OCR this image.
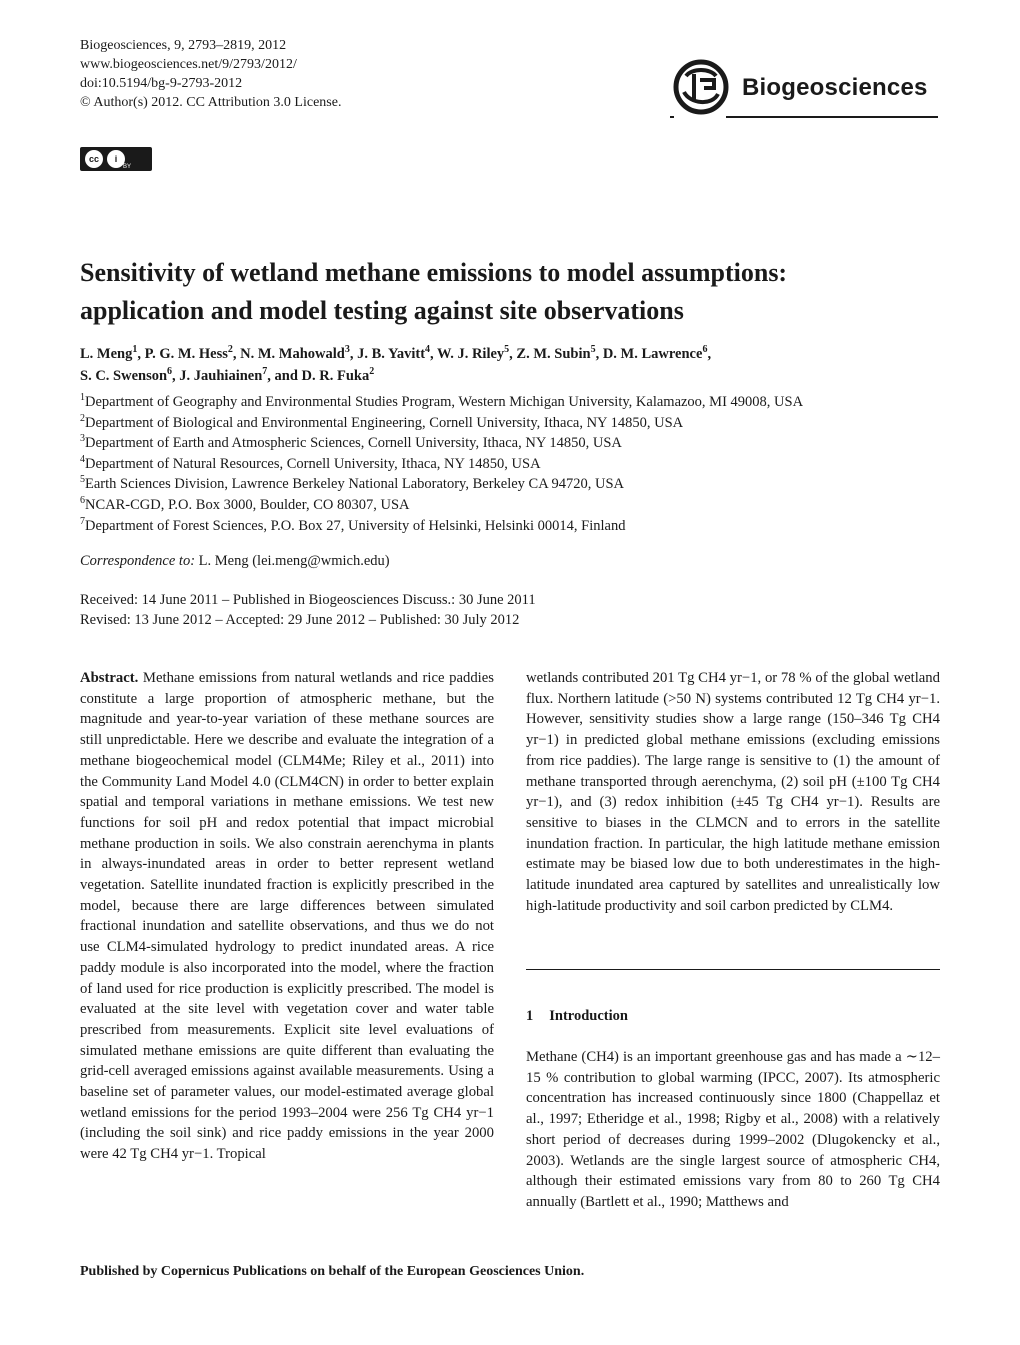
Biogeosciences, 9, 2793–2819, 2012
www.biogeosciences.net/9/2793/2012/
doi:10.5194/bg-9-2793-2012
© Author(s) 2012. CC Attribution 3.0 License.
cc	i
BY
Biogeosciences
Sensitivity of wetland methane emissions to model assumptions:
application and model testing against site observations
L. Meng$^1$, P. G. M. Hess$^2$, N. M. Mahowald$^3$, J. B. Yavitt$^4$, W. J. Riley$^5$, Z. M. Subin$^5$, D. M. Lawrence$^6$,
S. C. Swenson$^6$, J. Jauhiainen$^7$, and D. R. Fuka$^2$
$^1$Department of Geography and Environmental Studies Program, Western Michigan University, Kalamazoo, MI 49008, USA
$^2$Department of Biological and Environmental Engineering, Cornell University, Ithaca, NY 14850, USA
$^3$Department of Earth and Atmospheric Sciences, Cornell University, Ithaca, NY 14850, USA
$^4$Department of Natural Resources, Cornell University, Ithaca, NY 14850, USA
$^5$Earth Sciences Division, Lawrence Berkeley National Laboratory, Berkeley CA 94720, USA
$^6$NCAR-CGD, P.O. Box 3000, Boulder, CO 80307, USA
$^7$Department of Forest Sciences, P.O. Box 27, University of Helsinki, Helsinki 00014, Finland
Correspondence to: L. Meng (lei.meng@wmich.edu)
Received: 14 June 2011 – Published in Biogeosciences Discuss.: 30 June 2011
Revised: 13 June 2012 – Accepted: 29 June 2012 – Published: 30 July 2012
Abstract. Methane emissions from natural wetlands and rice paddies constitute a large proportion of atmospheric methane, but the magnitude and year-to-year variation of these methane sources are still unpredictable. Here we describe and evaluate the integration of a methane biogeochemical model (CLM4Me; Riley et al., 2011) into the Community Land Model 4.0 (CLM4CN) in order to better explain spatial and temporal variations in methane emissions. We test new functions for soil pH and redox potential that impact microbial methane production in soils. We also constrain aerenchyma in plants in always-inundated areas in order to better represent wetland vegetation. Satellite inundated fraction is explicitly prescribed in the model, because there are large differences between simulated fractional inundation and satellite observations, and thus we do not use CLM4-simulated hydrology to predict inundated areas. A rice paddy module is also incorporated into the model, where the fraction of land used for rice production is explicitly prescribed. The model is evaluated at the site level with vegetation cover and water table prescribed from measurements. Explicit site level evaluations of simulated methane emissions are quite different than evaluating the grid-cell averaged emissions against available measurements. Using a baseline set of parameter values, our model-estimated average global wetland emissions for the period 1993–2004 were 256 Tg CH4 yr−1 (including the soil sink) and rice paddy emissions in the year 2000 were 42 Tg CH4 yr−1. Tropical
wetlands contributed 201 Tg CH4 yr−1, or 78 % of the global wetland flux. Northern latitude (>50 N) systems contributed 12 Tg CH4 yr−1. However, sensitivity studies show a large range (150–346 Tg CH4 yr−1) in predicted global methane emissions (excluding emissions from rice paddies). The large range is sensitive to (1) the amount of methane transported through aerenchyma, (2) soil pH (±100 Tg CH4 yr−1), and (3) redox inhibition (±45 Tg CH4 yr−1). Results are sensitive to biases in the CLMCN and to errors in the satellite inundation fraction. In particular, the high latitude methane emission estimate may be biased low due to both underestimates in the high-latitude inundated area captured by satellites and unrealistically low high-latitude productivity and soil carbon predicted by CLM4.
1 Introduction
Methane (CH4) is an important greenhouse gas and has made a ∼12–15 % contribution to global warming (IPCC, 2007). Its atmospheric concentration has increased continuously since 1800 (Chappellaz et al., 1997; Etheridge et al., 1998; Rigby et al., 2008) with a relatively short period of decreases during 1999–2002 (Dlugokencky et al., 2003). Wetlands are the single largest source of atmospheric CH4, although their estimated emissions vary from 80 to 260 Tg CH4 annually (Bartlett et al., 1990; Matthews and
Published by Copernicus Publications on behalf of the European Geosciences Union.
